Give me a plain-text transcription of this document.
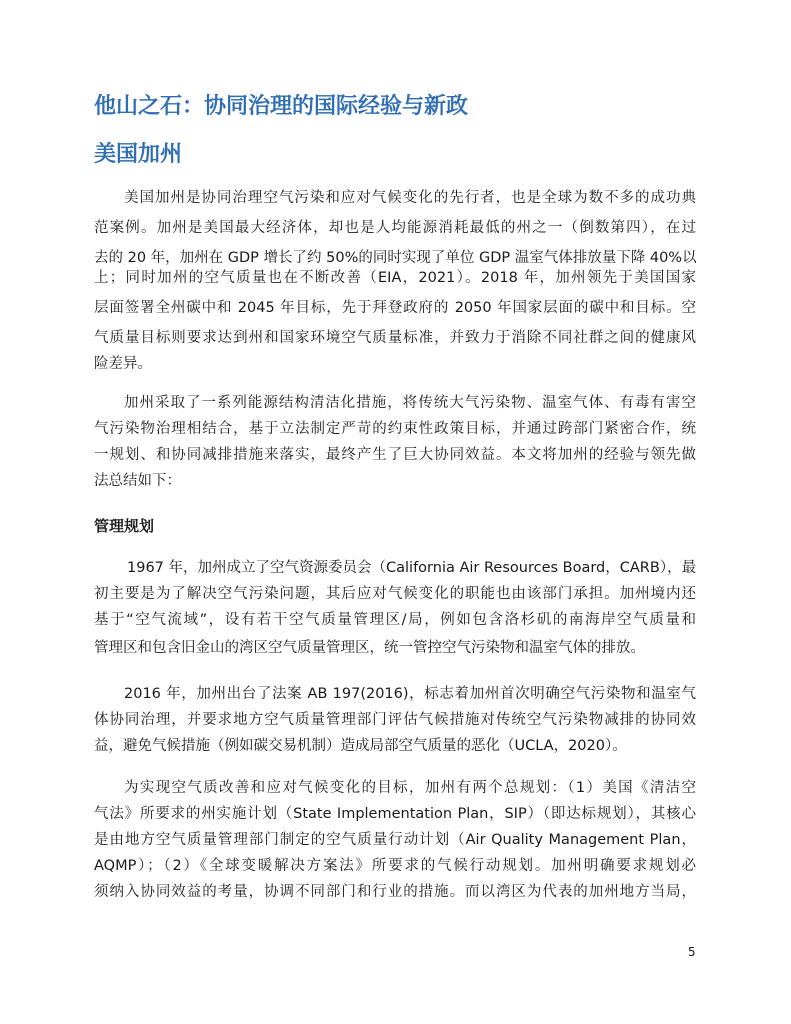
他山之石：协同治理的国际经验与新政
美国加州
美国加州是协同治理空气污染和应对气候变化的先行者，也是全球为数不多的成功典
范案例。加州是美国最大经济体，却也是人均能源消耗最低的州之一（倒数第四），在过
去的 20 年，加州在 GDP 增长了约 50%的同时实现了单位 GDP 温室气体排放量下降 40%以
上；同时加州的空气质量也在不断改善（EIA，2021）。2018 年，加州领先于美国国家
层面签署全州碳中和 2045 年目标，先于拜登政府的 2050 年国家层面的碳中和目标。空
气质量目标则要求达到州和国家环境空气质量标准，并致力于消除不同社群之间的健康风
险差异。
加州采取了一系列能源结构清洁化措施，将传统大气污染物、温室气体、有毒有害空
气污染物治理相结合，基于立法制定严苛的约束性政策目标，并通过跨部门紧密合作，统
一规划、和协同减排措施来落实，最终产生了巨大协同效益。本文将加州的经验与领先做
法总结如下：
管理规划
1967 年，加州成立了空气资源委员会（California Air Resources Board，CARB），最
初主要是为了解决空气污染问题，其后应对气候变化的职能也由该部门承担。加州境内还
基于“空气流域”，设有若干空气质量管理区/局，例如包含洛杉矶的南海岸空气质量和
管理区和包含旧金山的湾区空气质量管理区，统一管控空气污染物和温室气体的排放。
2016 年，加州出台了法案 AB 197(2016)，标志着加州首次明确空气污染物和温室气
体协同治理，并要求地方空气质量管理部门评估气候措施对传统空气污染物减排的协同效
益，避免气候措施（例如碳交易机制）造成局部空气质量的恶化（UCLA，2020）。
为实现空气质改善和应对气候变化的目标，加州有两个总规划：（1）美国《清洁空
气法》所要求的州实施计划（State Implementation Plan，SIP）（即达标规划），其核心
是由地方空气质量管理部门制定的空气质量行动计划（Air Quality Management Plan，
AQMP）；（2）《全球变暖解决方案法》所要求的气候行动规划。加州明确要求规划必
须纳入协同效益的考量，协调不同部门和行业的措施。而以湾区为代表的加州地方当局，
5
